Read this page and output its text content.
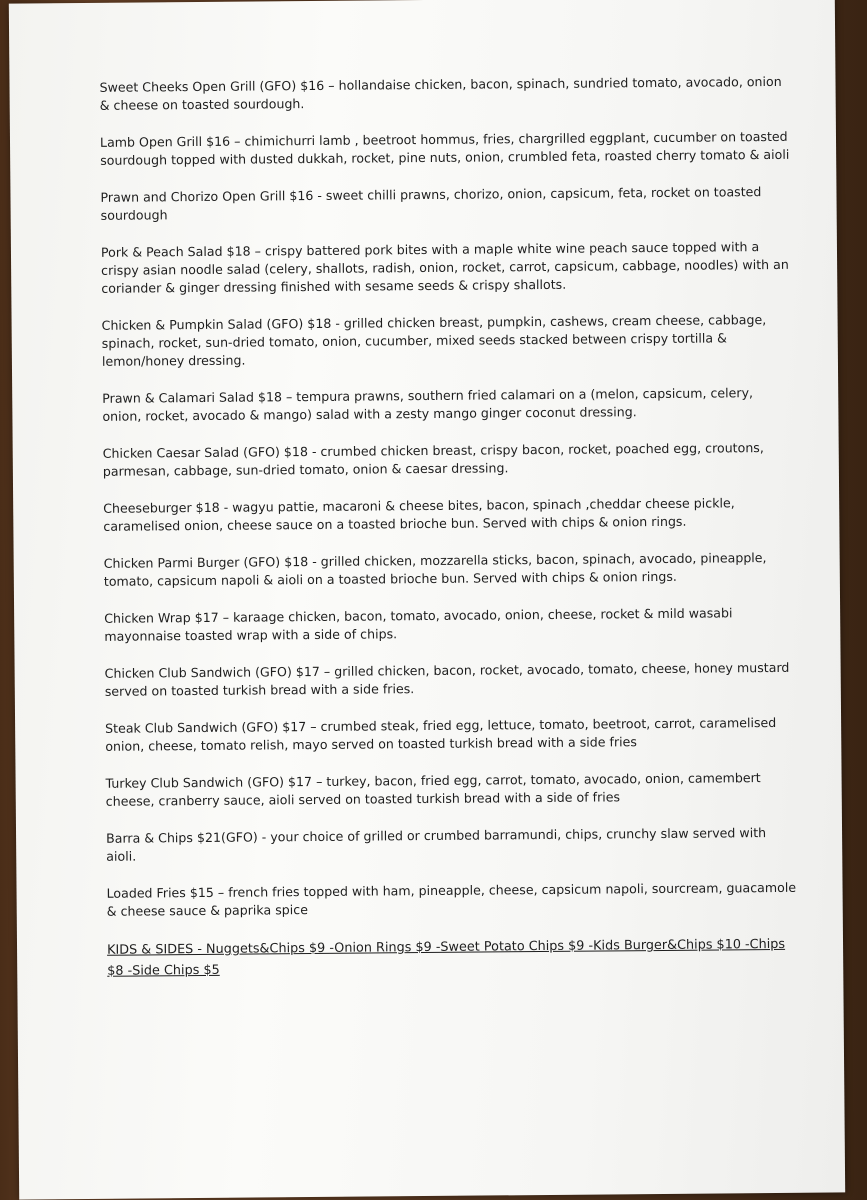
Sweet Cheeks Open Grill (GFO) $16 – hollandaise chicken, bacon, spinach, sundried tomato, avocado, onion & cheese on toasted sourdough.
Lamb Open Grill $16 – chimichurri lamb , beetroot hommus, fries, chargrilled eggplant, cucumber on toasted sourdough topped with dusted dukkah, rocket, pine nuts, onion, crumbled feta, roasted cherry tomato & aioli
Prawn and Chorizo Open Grill $16 - sweet chilli prawns, chorizo, onion, capsicum, feta, rocket on toasted sourdough
Pork & Peach Salad $18 – crispy battered pork bites with a maple white wine peach sauce topped with a crispy asian noodle salad (celery, shallots, radish, onion, rocket, carrot, capsicum, cabbage, noodles) with an coriander & ginger dressing finished with sesame seeds & crispy shallots.
Chicken & Pumpkin Salad (GFO) $18 - grilled chicken breast, pumpkin, cashews, cream cheese, cabbage, spinach, rocket, sun-dried tomato, onion, cucumber, mixed seeds stacked between crispy tortilla & lemon/honey dressing.
Prawn & Calamari Salad $18 – tempura prawns, southern fried calamari on a (melon, capsicum, celery, onion, rocket, avocado & mango) salad with a zesty mango ginger coconut dressing.
Chicken Caesar Salad (GFO) $18 - crumbed chicken breast, crispy bacon, rocket, poached egg, croutons, parmesan, cabbage, sun-dried tomato, onion & caesar dressing.
Cheeseburger $18 - wagyu pattie, macaroni & cheese bites, bacon, spinach ,cheddar cheese pickle, caramelised onion, cheese sauce on a toasted brioche bun. Served with chips & onion rings.
Chicken Parmi Burger (GFO) $18 - grilled chicken, mozzarella sticks, bacon, spinach, avocado, pineapple, tomato, capsicum napoli & aioli on a toasted brioche bun. Served with chips & onion rings.
Chicken Wrap $17 – karaage chicken, bacon, tomato, avocado, onion, cheese, rocket & mild wasabi mayonnaise toasted wrap with a side of chips.
Chicken Club Sandwich (GFO) $17 – grilled chicken, bacon, rocket, avocado, tomato, cheese, honey mustard served on toasted turkish bread with a side fries.
Steak Club Sandwich (GFO) $17 – crumbed steak, fried egg, lettuce, tomato, beetroot, carrot, caramelised onion, cheese, tomato relish, mayo served on toasted turkish bread with a side fries
Turkey Club Sandwich (GFO) $17 – turkey, bacon, fried egg, carrot, tomato, avocado, onion, camembert cheese, cranberry sauce, aioli served on toasted turkish bread with a side of fries
Barra & Chips $21(GFO) - your choice of grilled or crumbed barramundi, chips, crunchy slaw served with aioli.
Loaded Fries $15 – french fries topped with ham, pineapple, cheese, capsicum napoli, sourcream, guacamole & cheese sauce & paprika spice
KIDS & SIDES - Nuggets&Chips $9 -Onion Rings $9 -Sweet Potato Chips $9 -Kids Burger&Chips $10 -Chips $8 -Side Chips $5
